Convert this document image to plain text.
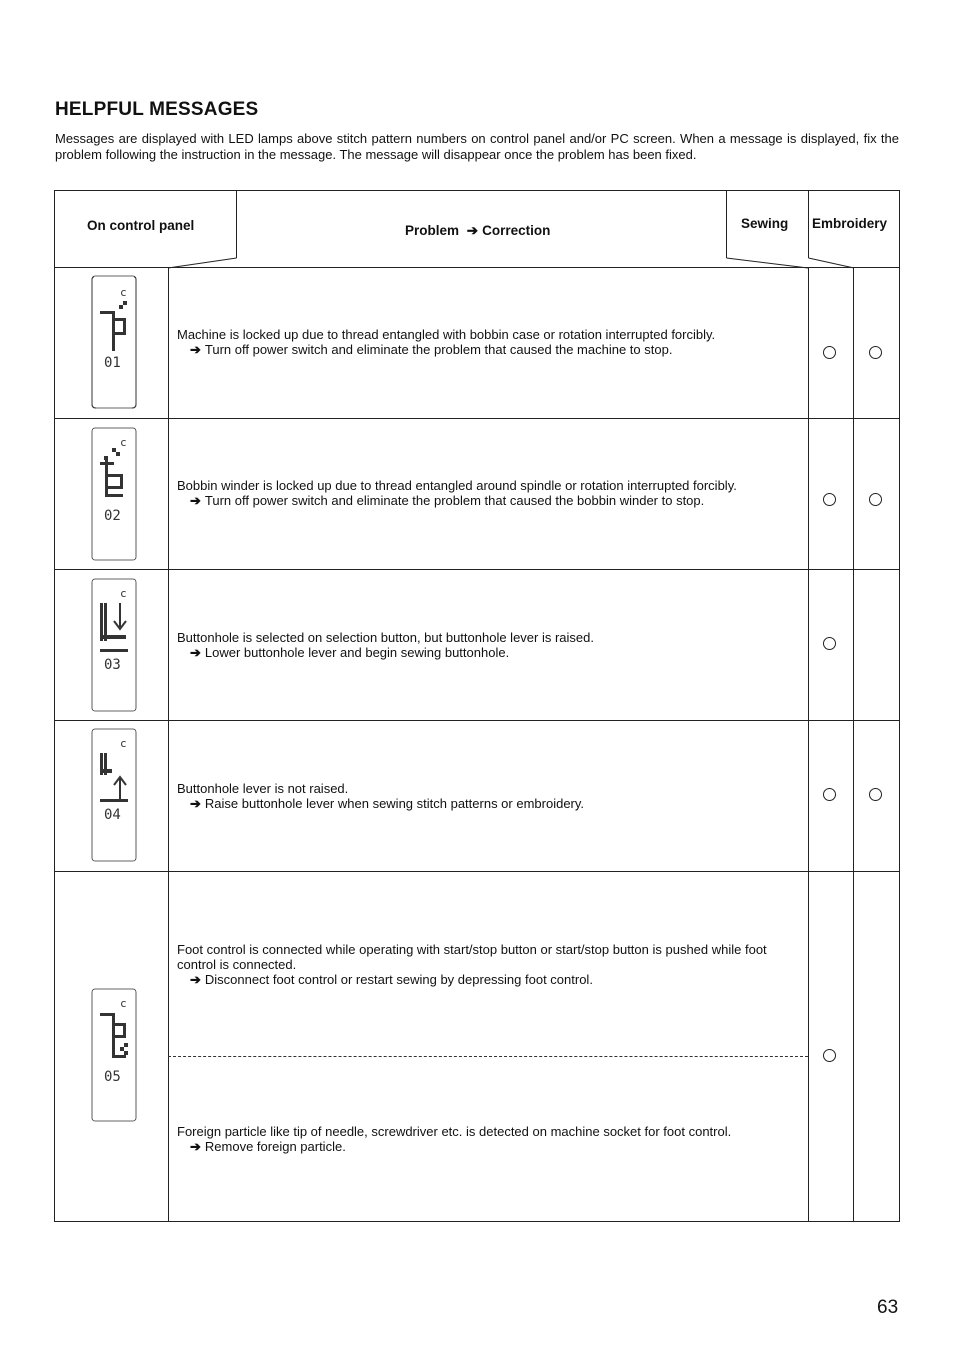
HELPFUL MESSAGES
Messages are displayed with LED lamps above stitch pattern numbers on control panel and/or PC screen. When a message is displayed, fix the problem following the instruction in the message. The message will disappear once the problem has been fixed.
On control panel	Problem ➔ Correction	Sewing Embroidery
c
01
Machine is locked up due to thread entangled with bobbin case or rotation interrupted forcibly.
➔ Turn off power switch and eliminate the problem that caused the machine to stop.
c
02
Bobbin winder is locked up due to thread entangled around spindle or rotation interrupted forcibly.
➔ Turn off power switch and eliminate the problem that caused the bobbin winder to stop.
c
03
Buttonhole is selected on selection button, but buttonhole lever is raised.
➔ Lower buttonhole lever and begin sewing buttonhole.
c
04
Buttonhole lever is not raised.
➔ Raise buttonhole lever when sewing stitch patterns or embroidery.
c
05
Foot control is connected while operating with start/stop button or start/stop button is pushed while foot control is connected.
➔ Disconnect foot control or restart sewing by depressing foot control.
Foreign particle like tip of needle, screwdriver etc. is detected on machine socket for foot control.
➔ Remove foreign particle.
63
